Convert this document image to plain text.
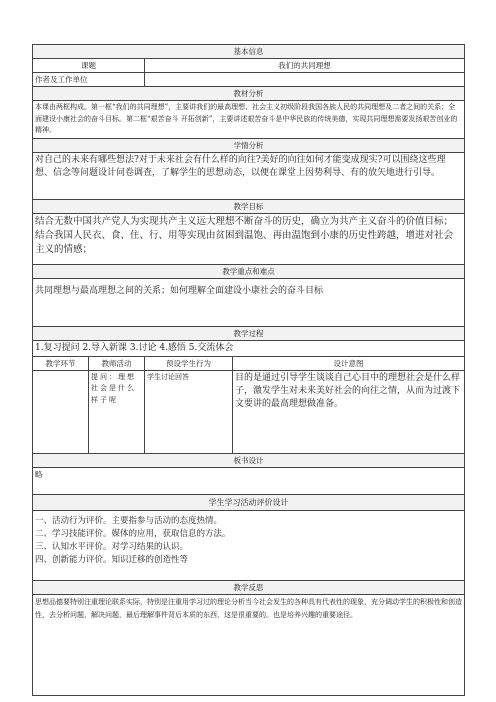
基本信息			
课题		我们的共同理想	
作者及工作单位			
教材分析			
本课由两框构成。第一框“我们的共同理想”，主要讲我们的最高理想、社会主义初级阶段我国各族人民的共同理想及二者之间的关系；全面建设小康社会的奋斗目标。第二框“艰苦奋斗 开拓创新”，主要讲述艰苦奋斗是中华民族的传统美德，实现共同理想需要发扬艰苦创业的精神。			
学情分析			
对自己的未来有哪些想法?对于未来社会有什么样的向往?美好的向往如何才能变成现实?可以围绕这些理想、信念等问题设计问卷调查，了解学生的思想动态，以便在课堂上因势利导、有的放矢地进行引导。			
教学目标			
结合无数中国共产党人为实现共产主义远大理想不断奋斗的历史，确立为共产主义奋斗的价值目标；结合我国人民衣、食、住、行、用等实现由贫困到温饱、再由温饱到小康的历史性跨越，增进对社会主义的情感；			
教学重点和难点			
共同理想与最高理想之间的关系；如何理解全面建设小康社会的奋斗目标			
教学过程			
1.复习提问 2.导入新课 3.讨论 4.感悟 5.交流体会			
教学环节	教师活动	预设学生行为	设计意图
	提问：理想社会是什么样子呢	学生讨论回答	目的是通过引导学生谈谈自己心目中的理想社会是什么样子，激发学生对未来美好社会的向往之情，从而为过渡下文要讲的最高理想做准备。
板书设计			
略			
学生学习活动评价设计			

一、活动行为评价。主要指参与活动的态度热情。
二、学习技能评价。媒体的应用，获取信息的方法。
三、认知水平评价。对学习结果的认识。
四、创新能力评价。知识迁移的创造性等			

教学反思			
思想品德要特别注重理论联系实际，特别是注重用学习过的理论分析当今社会发生的各种具有代表性的现象，充分调动学生的积极性和创造性，去分析问题，解决问题，最后理解事件背后本质的东西，这是很重要的。也是培养兴趣的重要途径。			
